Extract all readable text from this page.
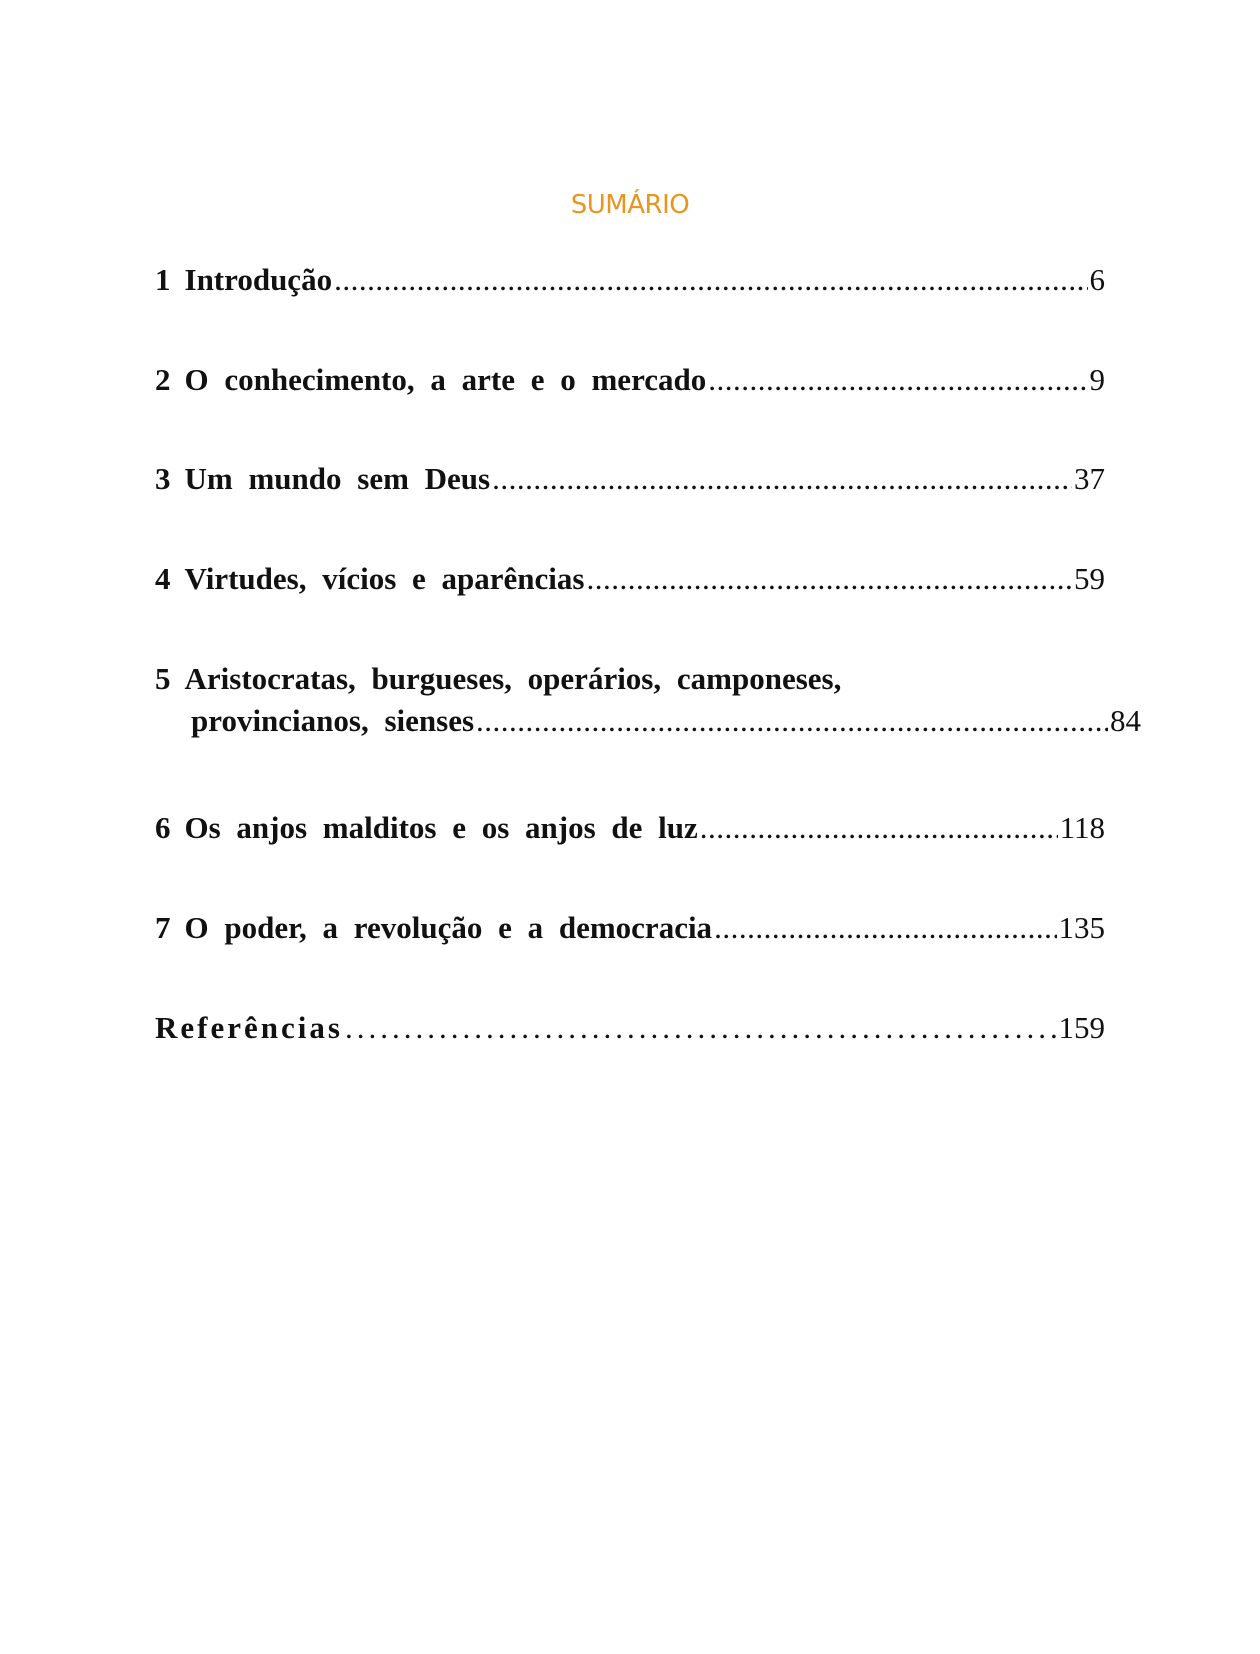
SUMÁRIO
1 Introdução .....	6
2 O conhecimento, a arte e o mercado .....	9
3 Um mundo sem Deus .....	37
4 Virtudes, vícios e aparências .....	59
5 Aristocratas, burgueses, operários, camponeses,
provincianos, sienses .....	84
6 Os anjos malditos e os anjos de luz .....	118
7 O poder, a revolução e a democracia .....	135
Referências .....	159
